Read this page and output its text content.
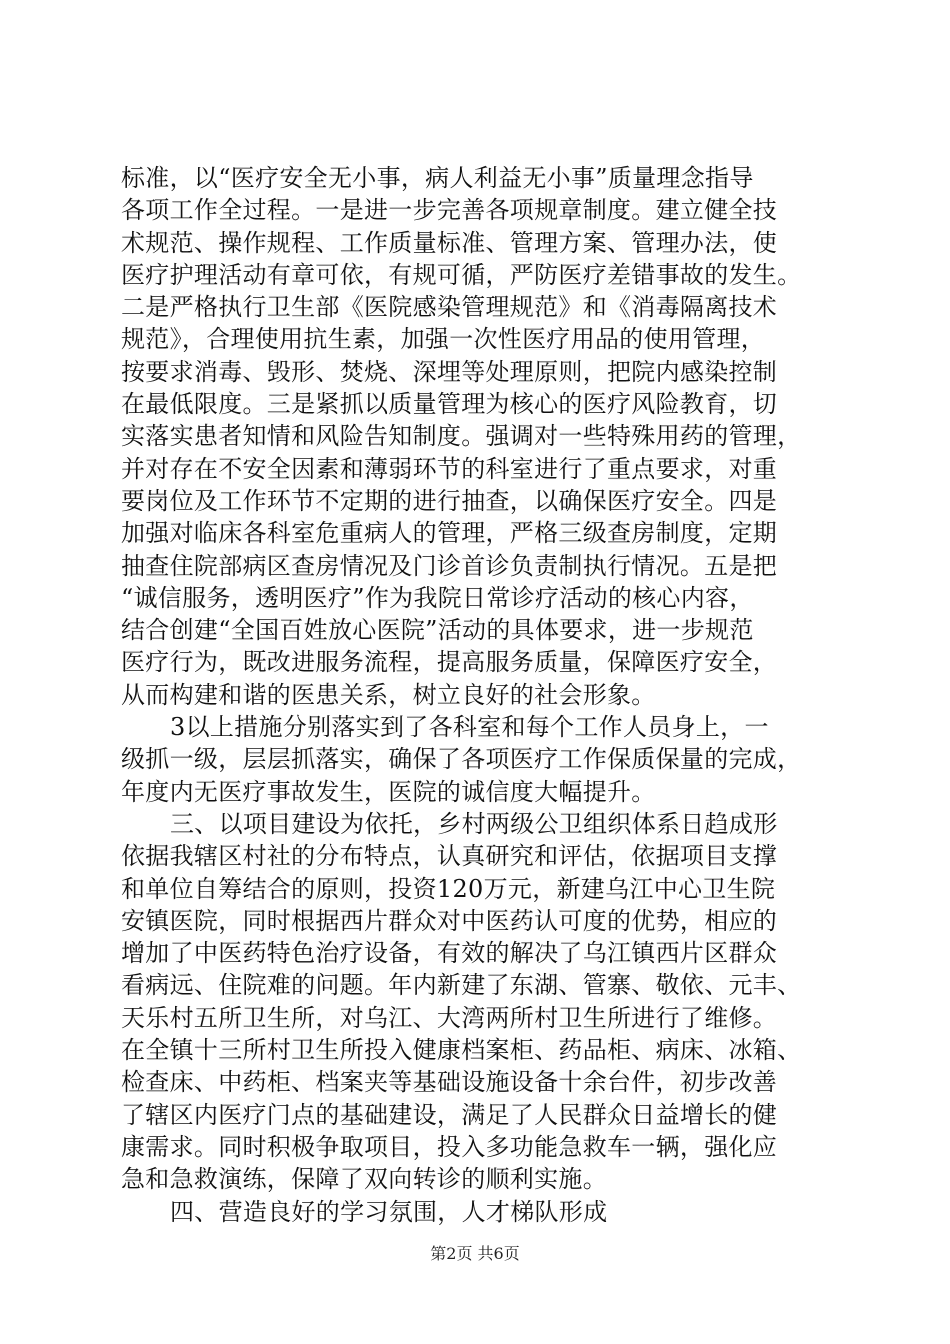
标准，以“医疗安全无小事，病人利益无小事”质量理念指导
各项工作全过程。一是进一步完善各项规章制度。建立健全技
术规范、操作规程、工作质量标准、管理方案、管理办法，使
医疗护理活动有章可依，有规可循，严防医疗差错事故的发生。
二是严格执行卫生部《医院感染管理规范》和《消毒隔离技术
规范》，合理使用抗生素，加强一次性医疗用品的使用管理，
按要求消毒、毁形、焚烧、深埋等处理原则，把院内感染控制
在最低限度。三是紧抓以质量管理为核心的医疗风险教育，切
实落实患者知情和风险告知制度。强调对一些特殊用药的管理，
并对存在不安全因素和薄弱环节的科室进行了重点要求，对重
要岗位及工作环节不定期的进行抽查，以确保医疗安全。四是
加强对临床各科室危重病人的管理，严格三级查房制度，定期
抽查住院部病区查房情况及门诊首诊负责制执行情况。五是把
“诚信服务，透明医疗”作为我院日常诊疗活动的核心内容，
结合创建“全国百姓放心医院”活动的具体要求，进一步规范
医疗行为，既改进服务流程，提高服务质量，保障医疗安全，
从而构建和谐的医患关系，树立良好的社会形象。
3以上措施分别落实到了各科室和每个工作人员身上，一
级抓一级，层层抓落实，确保了各项医疗工作保质保量的完成，
年度内无医疗事故发生，医院的诚信度大幅提升。
三、以项目建设为依托，乡村两级公卫组织体系日趋成形
依据我辖区村社的分布特点，认真研究和评估，依据项目支撑
和单位自筹结合的原则，投资120万元，新建乌江中心卫生院
安镇医院，同时根据西片群众对中医药认可度的优势，相应的
增加了中医药特色治疗设备，有效的解决了乌江镇西片区群众
看病远、住院难的问题。年内新建了东湖、管寨、敬依、元丰、
天乐村五所卫生所，对乌江、大湾两所村卫生所进行了维修。
在全镇十三所村卫生所投入健康档案柜、药品柜、病床、冰箱、
检查床、中药柜、档案夹等基础设施设备十余台件，初步改善
了辖区内医疗门点的基础建设，满足了人民群众日益增长的健
康需求。同时积极争取项目，投入多功能急救车一辆，强化应
急和急救演练，保障了双向转诊的顺利实施。
四、营造良好的学习氛围，人才梯队形成
第2页 共6页
